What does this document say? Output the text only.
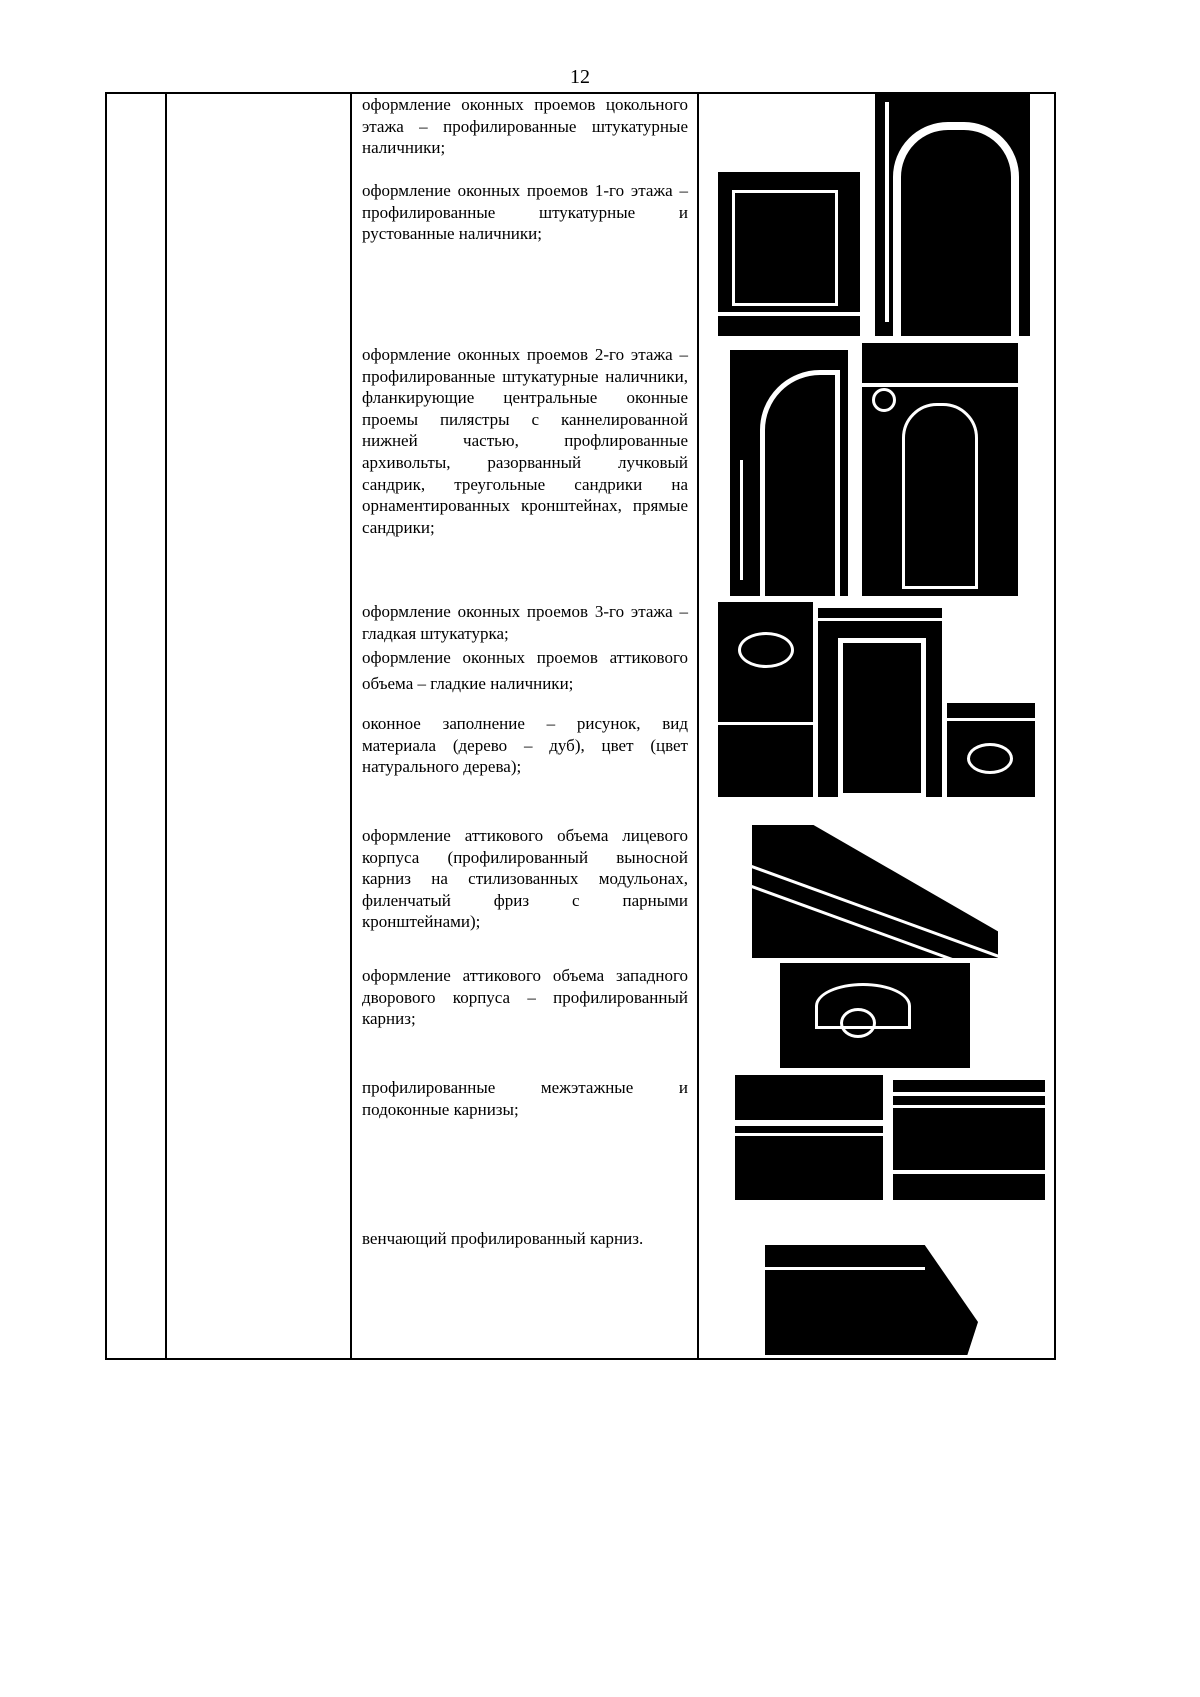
12
оформление оконных проемов цокольного этажа – профилированные штукатурные наличники;
оформление оконных проемов 1-го этажа – профилированные штукатурные и рустованные наличники;
оформление оконных проемов 2-го этажа – профилированные штукатурные наличники, фланкирующие центральные оконные проемы пилястры с каннелированной нижней частью, профлированные архивольты, разорванный лучковый сандрик, треугольные сандрики на орнаментированных кронштейнах, прямые сандрики;
оформление оконных проемов 3-го этажа – гладкая штукатурка;
оформление оконных проемов аттикового объема – гладкие наличники;
оконное заполнение – рисунок, вид материала (дерево – дуб), цвет (цвет натурального дерева);
оформление аттикового объема лицевого корпуса (профилированный выносной карниз на стилизованных модульонах, филенчатый фриз с парными кронштейнами);
оформление аттикового объема западного дворового корпуса – профилированный карниз;
профилированные межэтажные и подоконные карнизы;
венчающий профилированный карниз.
